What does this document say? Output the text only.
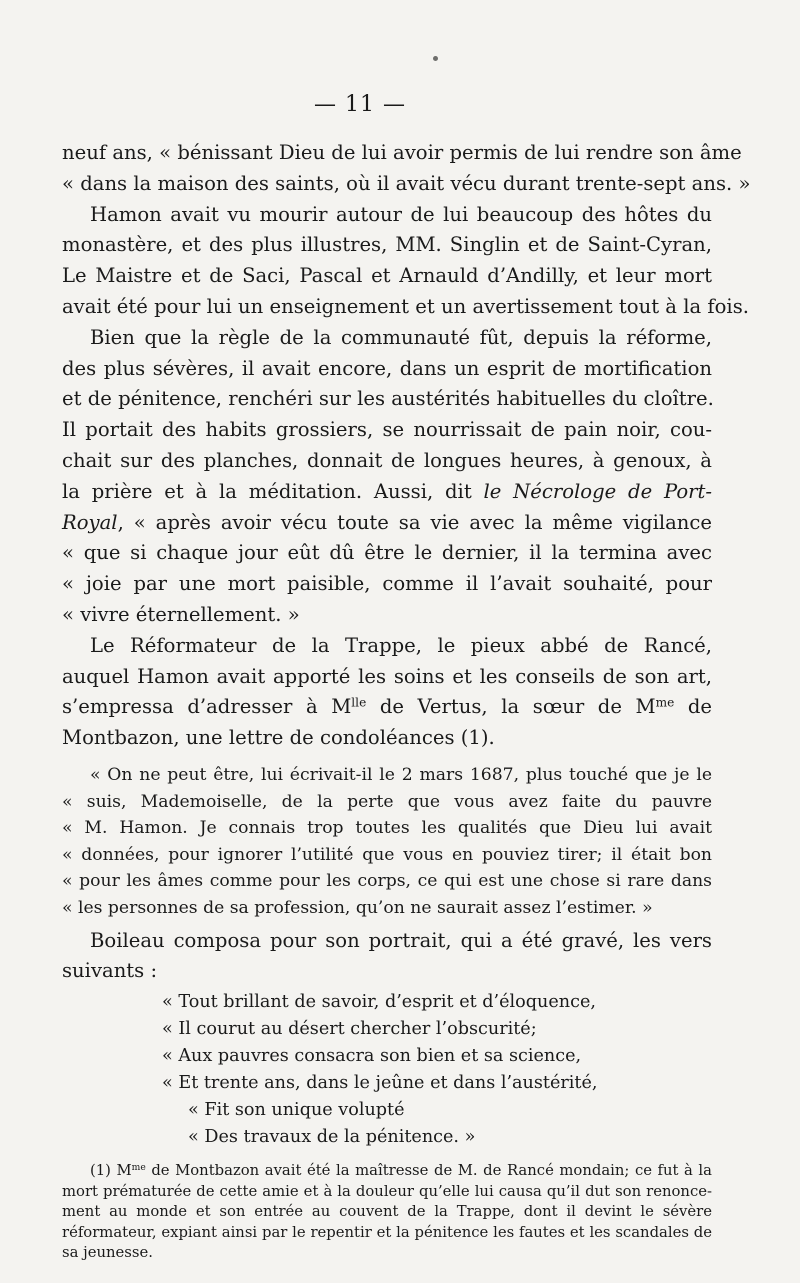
— 11 —
neuf ans, « bénissant Dieu de lui avoir permis de lui rendre son âme
« dans la maison des saints, où il avait vécu durant trente-sept ans. »
Hamon avait vu mourir autour de lui beaucoup des hôtes du
monastère, et des plus illustres, MM. Singlin et de Saint-Cyran,
Le Maistre et de Saci, Pascal et Arnauld d’Andilly, et leur mort
avait été pour lui un enseignement et un avertissement tout à la fois.
Bien que la règle de la communauté fût, depuis la réforme,
des plus sévères, il avait encore, dans un esprit de mortification
et de pénitence, renchéri sur les austérités habituelles du cloître.
Il portait des habits grossiers, se nourrissait de pain noir, cou-
chait sur des planches, donnait de longues heures, à genoux, à
la prière et à la méditation. Aussi, dit le Nécrologe de Port-
Royal, « après avoir vécu toute sa vie avec la même vigilance
« que si chaque jour eût dû être le dernier, il la termina avec
« joie par une mort paisible, comme il l’avait souhaité, pour
« vivre éternellement. »
Le Réformateur de la Trappe, le pieux abbé de Rancé,
auquel Hamon avait apporté les soins et les conseils de son art,
s’empressa d’adresser à $M^{lle}$ de Vertus, la sœur de $M^{me}$ de
Montbazon, une lettre de condoléances (1).
« On ne peut être, lui écrivait-il le 2 mars 1687, plus touché que je le
« suis, Mademoiselle, de la perte que vous avez faite du pauvre
« M. Hamon. Je connais trop toutes les qualités que Dieu lui avait
« données, pour ignorer l’utilité que vous en pouviez tirer; il était bon
« pour les âmes comme pour les corps, ce qui est une chose si rare dans
« les personnes de sa profession, qu’on ne saurait assez l’estimer. »
Boileau composa pour son portrait, qui a été gravé, les vers
suivants :
« Tout brillant de savoir, d’esprit et d’éloquence,
« Il courut au désert chercher l’obscurité;
« Aux pauvres consacra son bien et sa science,
« Et trente ans, dans le jeûne et dans l’austérité,
« Fit son unique volupté
« Des travaux de la pénitence. »
(1) $M^{me}$ de Montbazon avait été la maîtresse de M. de Rancé mondain; ce fut à la
mort prématurée de cette amie et à la douleur qu’elle lui causa qu’il dut son renonce-
ment au monde et son entrée au couvent de la Trappe, dont il devint le sévère
réformateur, expiant ainsi par le repentir et la pénitence les fautes et les scandales de
sa jeunesse.
